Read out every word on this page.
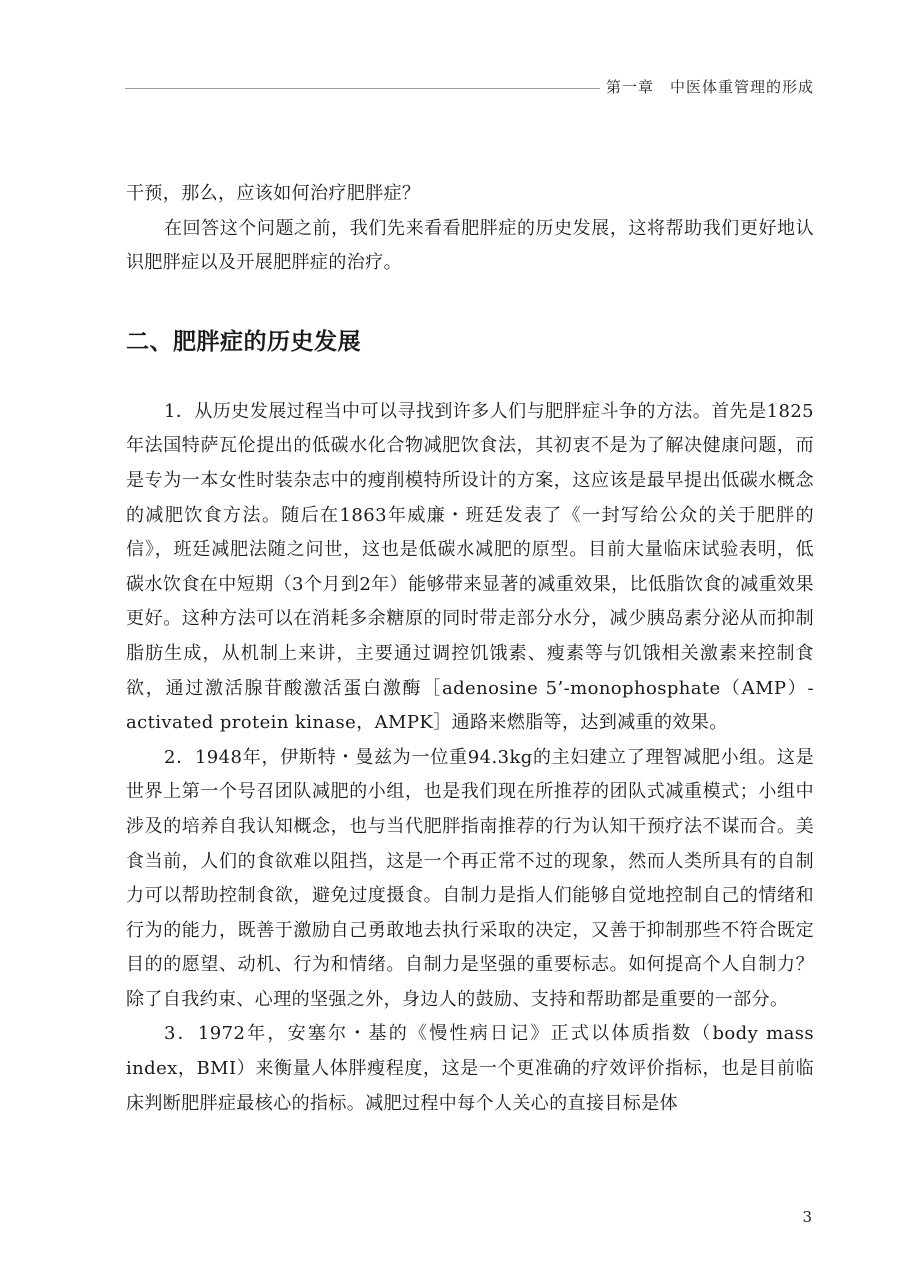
第一章　中医体重管理的形成

干预，那么，应该如何治疗肥胖症？

在回答这个问题之前，我们先来看看肥胖症的历史发展，这将帮助我们更好地认识肥胖症以及开展肥胖症的治疗。

二、肥胖症的历史发展

1．从历史发展过程当中可以寻找到许多人们与肥胖症斗争的方法。首先是1825年法国特萨瓦伦提出的低碳水化合物减肥饮食法，其初衷不是为了解决健康问题，而是专为一本女性时装杂志中的瘦削模特所设计的方案，这应该是最早提出低碳水概念的减肥饮食方法。随后在1863年威廉・班廷发表了《一封写给公众的关于肥胖的信》，班廷减肥法随之问世，这也是低碳水减肥的原型。目前大量临床试验表明，低碳水饮食在中短期（3个月到2年）能够带来显著的减重效果，比低脂饮食的减重效果更好。这种方法可以在消耗多余糖原的同时带走部分水分，减少胰岛素分泌从而抑制脂肪生成，从机制上来讲，主要通过调控饥饿素、瘦素等与饥饿相关激素来控制食欲，通过激活腺苷酸激活蛋白激酶［adenosine 5’-monophosphate（AMP）-activated protein kinase，AMPK］通路来燃脂等，达到减重的效果。

2．1948年，伊斯特・曼兹为一位重94.3kg的主妇建立了理智减肥小组。这是世界上第一个号召团队减肥的小组，也是我们现在所推荐的团队式减重模式；小组中涉及的培养自我认知概念，也与当代肥胖指南推荐的行为认知干预疗法不谋而合。美食当前，人们的食欲难以阻挡，这是一个再正常不过的现象，然而人类所具有的自制力可以帮助控制食欲，避免过度摄食。自制力是指人们能够自觉地控制自己的情绪和行为的能力，既善于激励自己勇敢地去执行采取的决定，又善于抑制那些不符合既定目的的愿望、动机、行为和情绪。自制力是坚强的重要标志。如何提高个人自制力？除了自我约束、心理的坚强之外，身边人的鼓励、支持和帮助都是重要的一部分。

3．1972年，安塞尔・基的《慢性病日记》正式以体质指数（body mass index，BMI）来衡量人体胖瘦程度，这是一个更准确的疗效评价指标，也是目前临床判断肥胖症最核心的指标。减肥过程中每个人关心的直接目标是体

3
